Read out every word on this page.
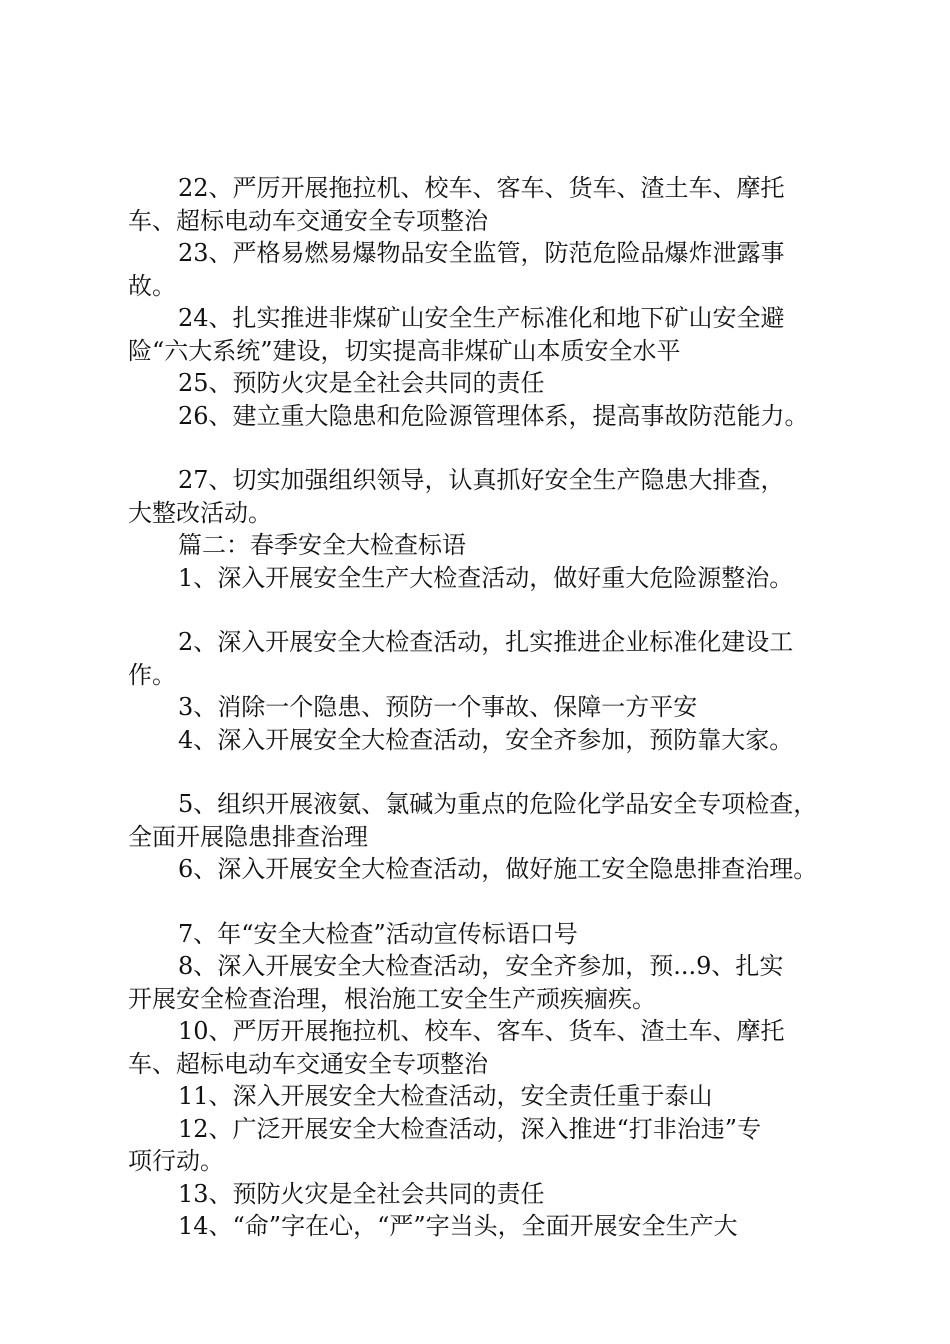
22、严厉开展拖拉机、校车、客车、货车、渣土车、摩托
车、超标电动车交通安全专项整治

23、严格易燃易爆物品安全监管，防范危险品爆炸泄露事
故。

24、扎实推进非煤矿山安全生产标准化和地下矿山安全避
险“六大系统”建设，切实提高非煤矿山本质安全水平

25、预防火灾是全社会共同的责任

26、建立重大隐患和危险源管理体系，提高事故防范能力。

27、切实加强组织领导，认真抓好安全生产隐患大排查，
大整改活动。

篇二：春季安全大检查标语

1、深入开展安全生产大检查活动，做好重大危险源整治。

2、深入开展安全大检查活动，扎实推进企业标准化建设工
作。

3、消除一个隐患、预防一个事故、保障一方平安

4、深入开展安全大检查活动，安全齐参加，预防靠大家。

5、组织开展液氨、氯碱为重点的危险化学品安全专项检查，
全面开展隐患排查治理

6、深入开展安全大检查活动，做好施工安全隐患排查治理。

7、年“安全大检查”活动宣传标语口号

8、深入开展安全大检查活动，安全齐参加，预...9、扎实
开展安全检查治理，根治施工安全生产顽疾痼疾。

10、严厉开展拖拉机、校车、客车、货车、渣土车、摩托
车、超标电动车交通安全专项整治

11、深入开展安全大检查活动，安全责任重于泰山

12、广泛开展安全大检查活动，深入推进“打非治违”专
项行动。

13、预防火灾是全社会共同的责任

14、“命”字在心，“严”字当头，全面开展安全生产大
